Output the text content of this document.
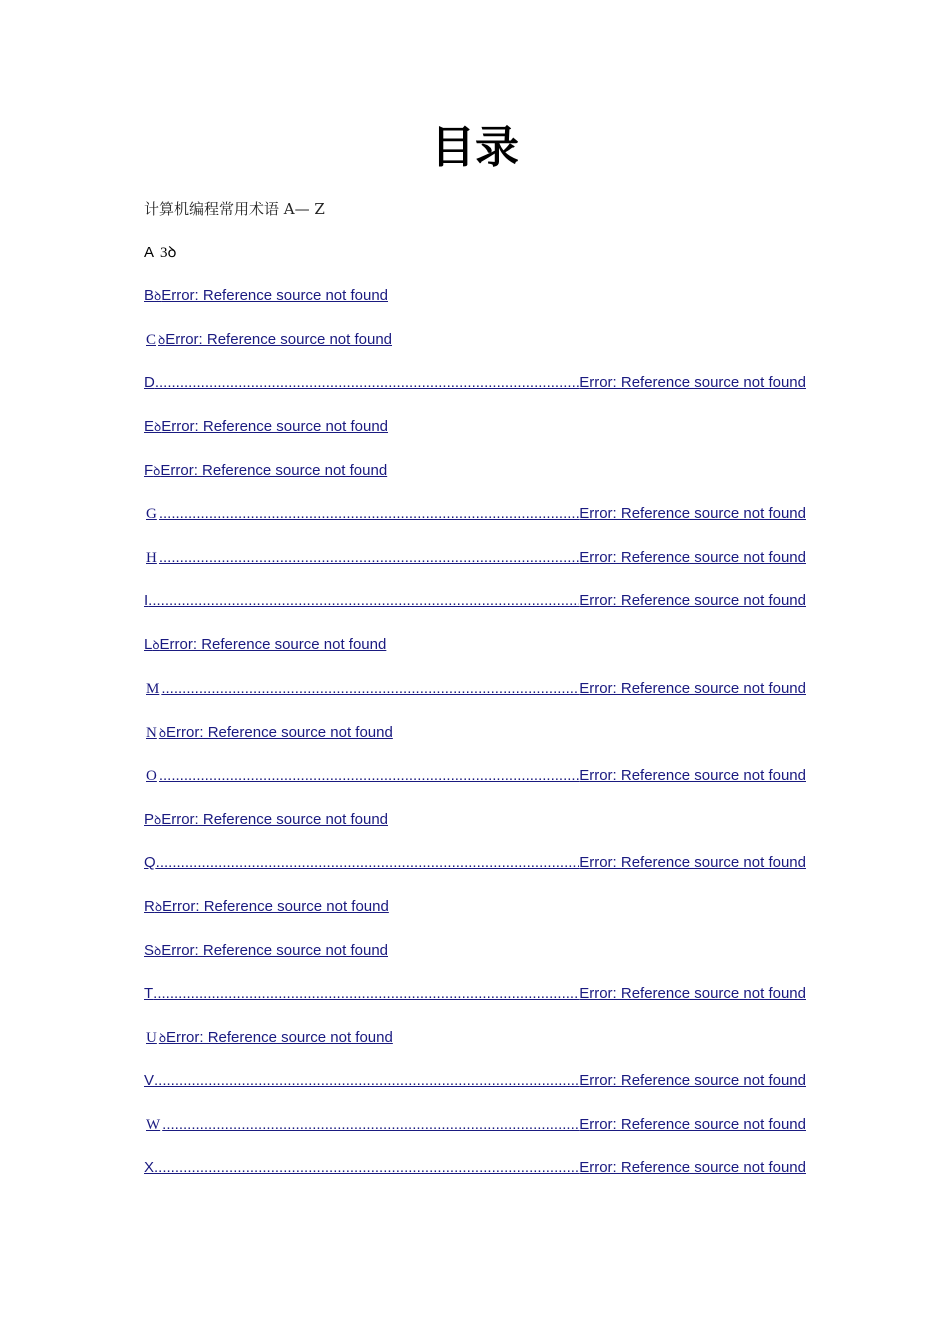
目录
计算机编程常用术语 A— Z
A 3ꝺ
BꝺError: Reference source not found
C ꝺError: Reference source not found
D .....	Error: Reference source not found
EꝺError: Reference source not found
FꝺError: Reference source not found
G .....	Error: Reference source not found
H .....	Error: Reference source not found
I .....	Error: Reference source not found
LꝺError: Reference source not found
M .....	Error: Reference source not found
N ꝺError: Reference source not found
O .....	Error: Reference source not found
PꝺError: Reference source not found
Q .....	Error: Reference source not found
RꝺError: Reference source not found
SꝺError: Reference source not found
T .....	Error: Reference source not found
U ꝺError: Reference source not found
V .....	Error: Reference source not found
W .....	Error: Reference source not found
X .....	Error: Reference source not found
